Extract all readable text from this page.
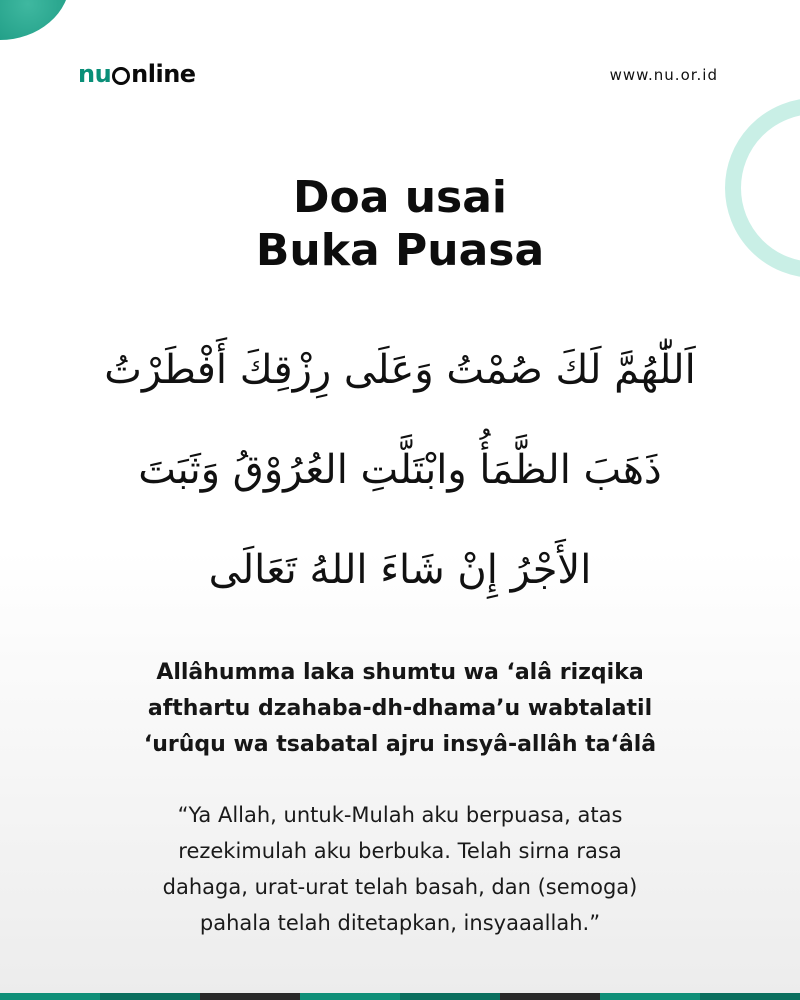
nu nline	www.nu.or.id
Doa usai
Buka Puasa
اَللّٰهُمَّ لَكَ صُمْتُ وَعَلَى رِزْقِكَ أَفْطَرْتُ
ذَهَبَ الظَّمَأُ وابْتَلَّتِ العُرُوْقُ وَثَبَتَ
الأَجْرُ إِنْ شَاءَ اللهُ تَعَالَى
Allâhumma laka shumtu wa ‘alâ rizqika
afthartu dzahaba-dh-dhama’u wabtalatil
‘urûqu wa tsabatal ajru insyâ-allâh ta‘âlâ
“Ya Allah, untuk-Mulah aku berpuasa, atas
rezekimulah aku berbuka. Telah sirna rasa
dahaga, urat-urat telah basah, dan (semoga)
pahala telah ditetapkan, insyaaallah.”
